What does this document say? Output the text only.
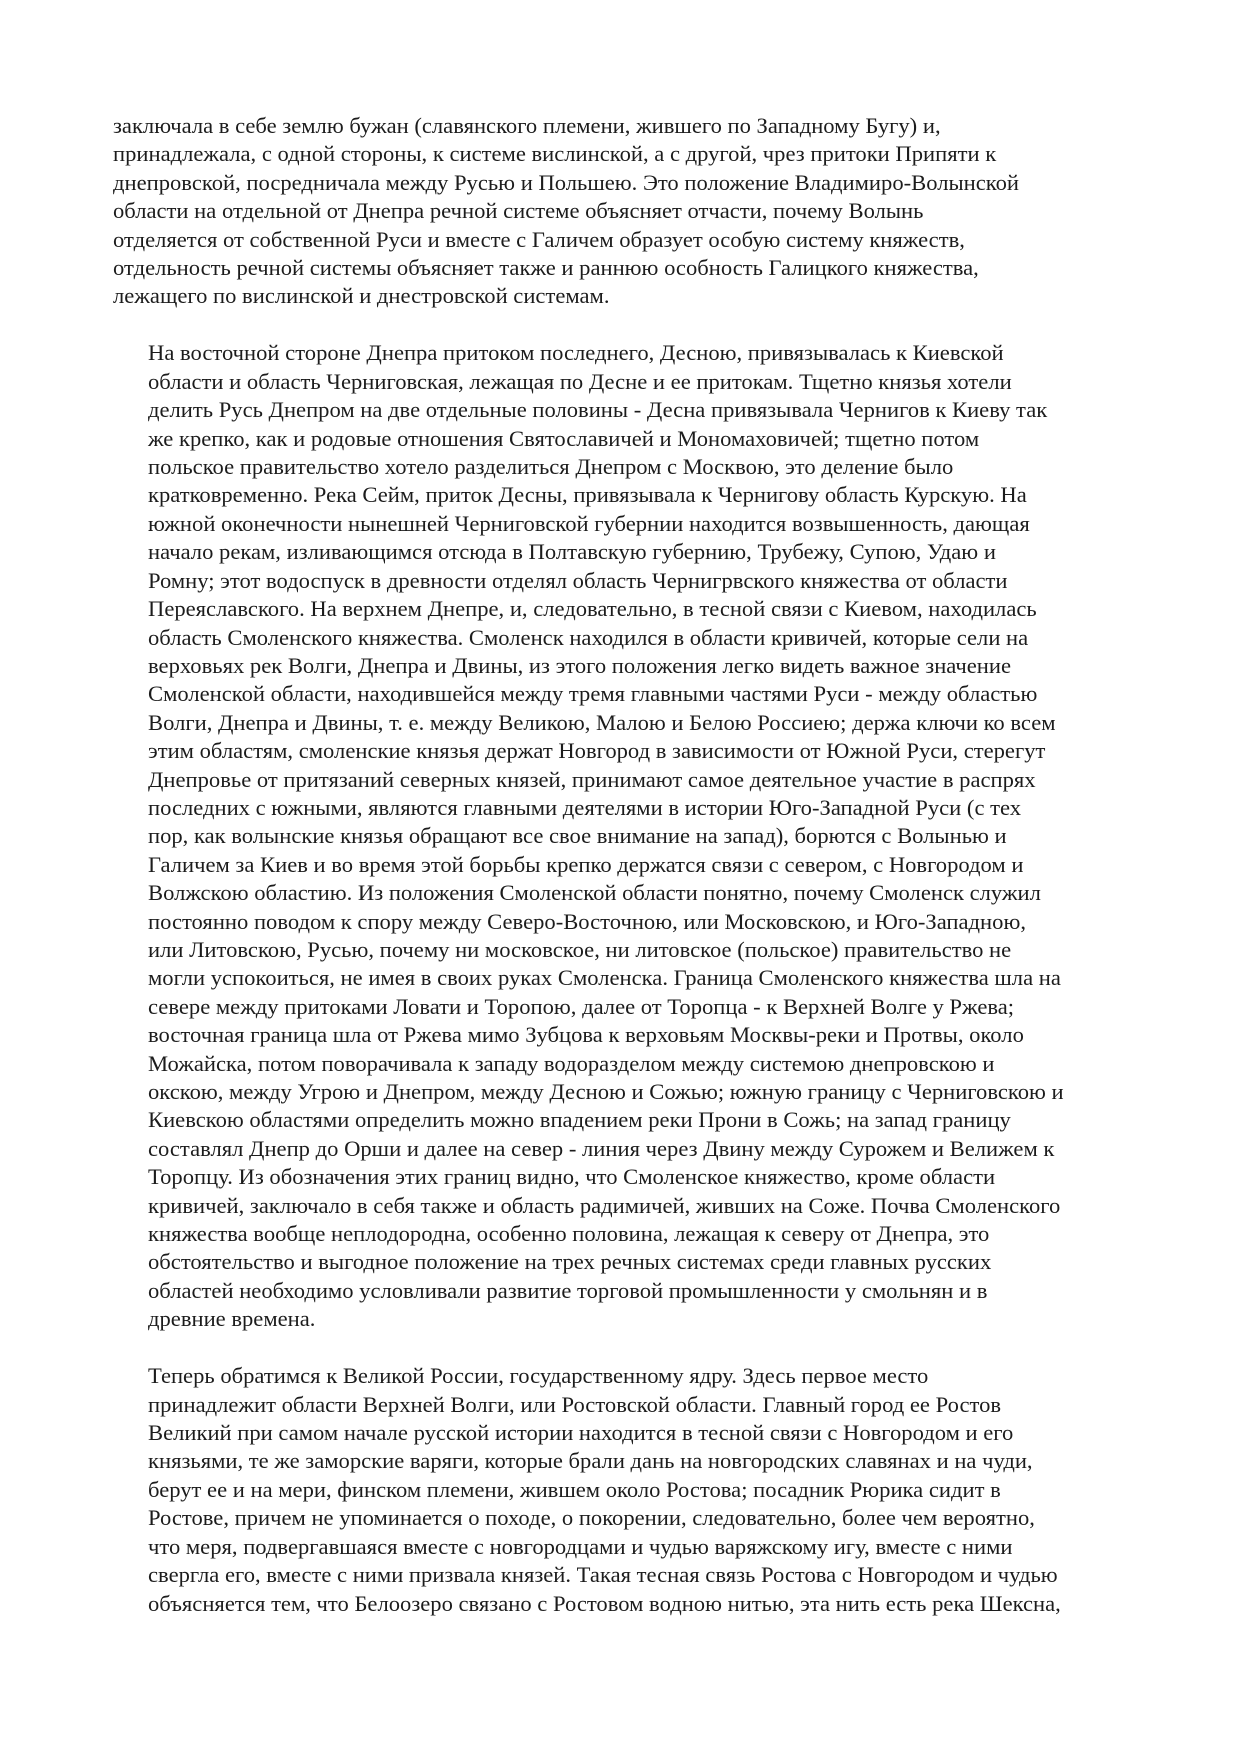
заключала в себе землю бужан (славянского племени, жившего по Западному Бугу) и,
принадлежала, с одной стороны, к системе вислинской, а с другой, чрез притоки Припяти к
днепровской, посредничала между Русью и Польшею. Это положение Владимиро-Волынской
области на отдельной от Днепра речной системе объясняет отчасти, почему Волынь
отделяется от собственной Руси и вместе с Галичем образует особую систему княжеств,
отдельность речной системы объясняет также и раннюю особность Галицкого княжества,
лежащего по вислинской и днестровской системам.

На восточной стороне Днепра притоком последнего, Десною, привязывалась к Киевской
области и область Черниговская, лежащая по Десне и ее притокам. Тщетно князья хотели
делить Русь Днепром на две отдельные половины - Десна привязывала Чернигов к Киеву так
же крепко, как и родовые отношения Святославичей и Мономаховичей; тщетно потом
польское правительство хотело разделиться Днепром с Москвою, это деление было
кратковременно. Река Сейм, приток Десны, привязывала к Чернигову область Курскую. На
южной оконечности нынешней Черниговской губернии находится возвышенность, дающая
начало рекам, изливающимся отсюда в Полтавскую губернию, Трубежу, Супою, Удаю и
Ромну; этот водоспуск в древности отделял область Чернигрвского княжества от области
Переяславского. На верхнем Днепре, и, следовательно, в тесной связи с Киевом, находилась
область Смоленского княжества. Смоленск находился в области кривичей, которые сели на
верховьях рек Волги, Днепра и Двины, из этого положения легко видеть важное значение
Смоленской области, находившейся между тремя главными частями Руси - между областью
Волги, Днепра и Двины, т. е. между Великою, Малою и Белою Россиею; держа ключи ко всем
этим областям, смоленские князья держат Новгород в зависимости от Южной Руси, стерегут
Днепровье от притязаний северных князей, принимают самое деятельное участие в распрях
последних с южными, являются главными деятелями в истории Юго-Западной Руси (с тех
пор, как волынские князья обращают все свое внимание на запад), борются с Волынью и
Галичем за Киев и во время этой борьбы крепко держатся связи с севером, с Новгородом и
Волжскою областию. Из положения Смоленской области понятно, почему Смоленск служил
постоянно поводом к спору между Северо-Восточною, или Московскою, и Юго-Западною,
или Литовскою, Русью, почему ни московское, ни литовское (польское) правительство не
могли успокоиться, не имея в своих руках Смоленска. Граница Смоленского княжества шла на
севере между притоками Ловати и Торопою, далее от Торопца - к Верхней Волге у Ржева;
восточная граница шла от Ржева мимо Зубцова к верховьям Москвы-реки и Протвы, около
Можайска, потом поворачивала к западу водоразделом между системою днепровскою и
окскою, между Угрою и Днепром, между Десною и Сожью; южную границу с Черниговскою и
Киевскою областями определить можно впадением реки Прони в Сожь; на запад границу
составлял Днепр до Орши и далее на север - линия через Двину между Сурожем и Велижем к
Торопцу. Из обозначения этих границ видно, что Смоленское княжество, кроме области
кривичей, заключало в себя также и область радимичей, живших на Соже. Почва Смоленского
княжества вообще неплодородна, особенно половина, лежащая к северу от Днепра, это
обстоятельство и выгодное положение на трех речных системах среди главных русских
областей необходимо условливали развитие торговой промышленности у смольнян и в
древние времена.

Теперь обратимся к Великой России, государственному ядру. Здесь первое место
принадлежит области Верхней Волги, или Ростовской области. Главный город ее Ростов
Великий при самом начале русской истории находится в тесной связи с Новгородом и его
князьями, те же заморские варяги, которые брали дань на новгородских славянах и на чуди,
берут ее и на мери, финском племени, жившем около Ростова; посадник Рюрика сидит в
Ростове, причем не упоминается о походе, о покорении, следовательно, более чем вероятно,
что меря, подвергавшаяся вместе с новгородцами и чудью варяжскому игу, вместе с ними
свергла его, вместе с ними призвала князей. Такая тесная связь Ростова с Новгородом и чудью
объясняется тем, что Белоозеро связано с Ростовом водною нитью, эта нить есть река Шексна,
